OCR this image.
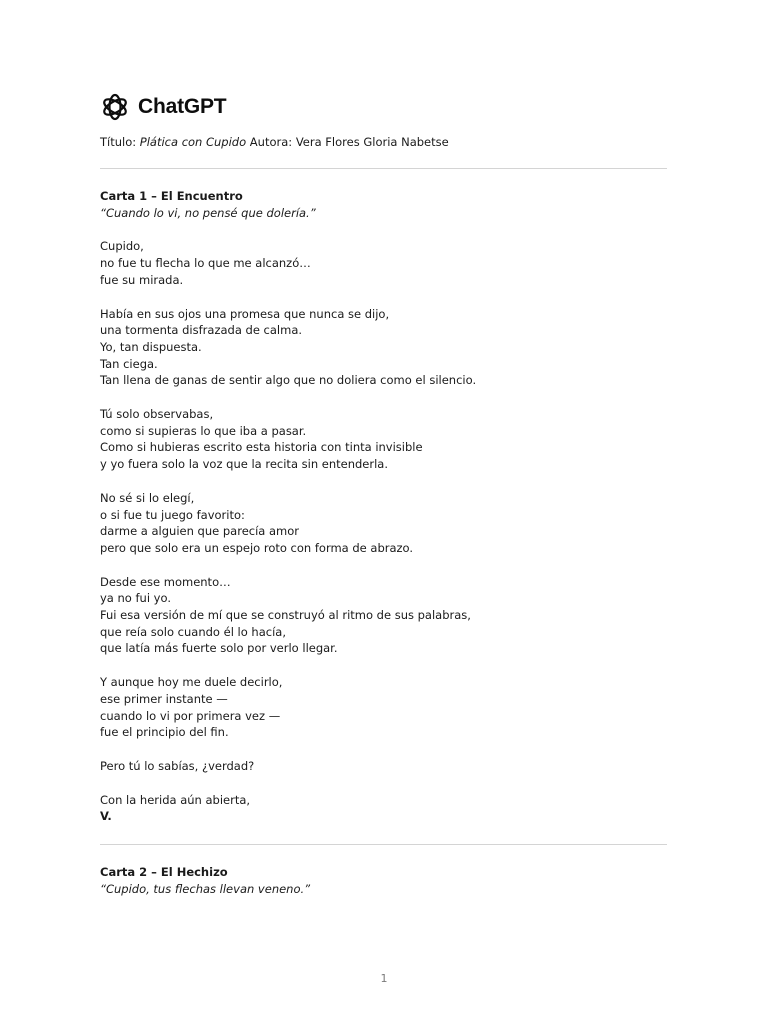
ChatGPT
Título: Plática con Cupido Autora: Vera Flores Gloria Nabetse
Carta 1 – El Encuentro
“Cuando lo vi, no pensé que dolería.”
Cupido,
no fue tu flecha lo que me alcanzó…
fue su mirada.
Había en sus ojos una promesa que nunca se dijo,
una tormenta disfrazada de calma.
Yo, tan dispuesta.
Tan ciega.
Tan llena de ganas de sentir algo que no doliera como el silencio.
Tú solo observabas,
como si supieras lo que iba a pasar.
Como si hubieras escrito esta historia con tinta invisible
y yo fuera solo la voz que la recita sin entenderla.
No sé si lo elegí,
o si fue tu juego favorito:
darme a alguien que parecía amor
pero que solo era un espejo roto con forma de abrazo.
Desde ese momento…
ya no fui yo.
Fui esa versión de mí que se construyó al ritmo de sus palabras,
que reía solo cuando él lo hacía,
que latía más fuerte solo por verlo llegar.
Y aunque hoy me duele decirlo,
ese primer instante —
cuando lo vi por primera vez —
fue el principio del fin.
Pero tú lo sabías, ¿verdad?
Con la herida aún abierta,
V.
Carta 2 – El Hechizo
“Cupido, tus flechas llevan veneno.”
1
